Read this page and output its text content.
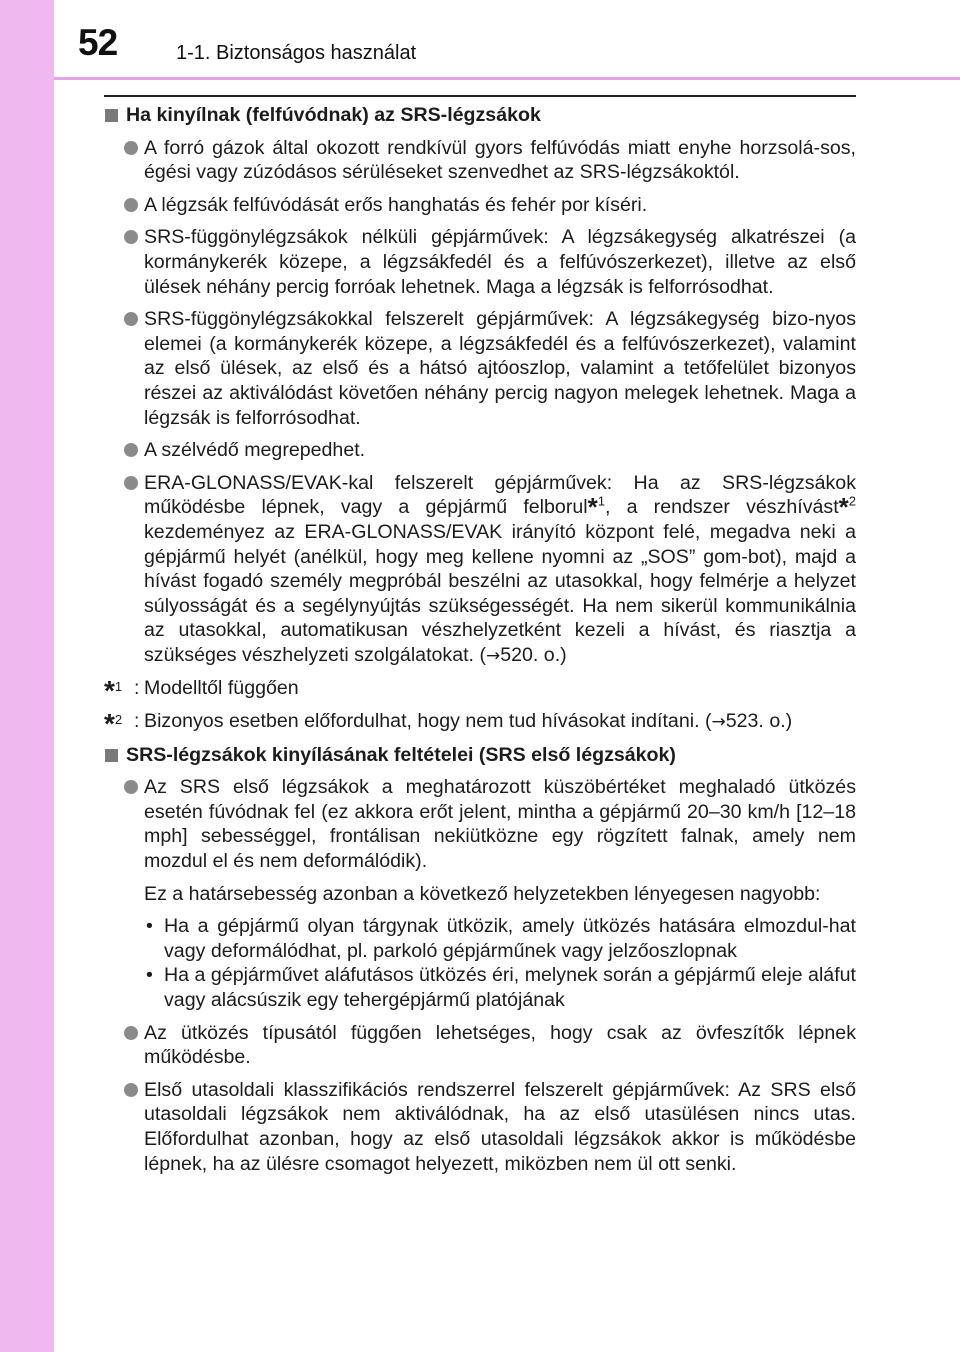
52	1-1. Biztonságos használat
Ha kinyílnak (felfúvódnak) az SRS-légzsákok
A forró gázok által okozott rendkívül gyors felfúvódás miatt enyhe horzsolá-sos, égési vagy zúzódásos sérüléseket szenvedhet az SRS-légzsákoktól.
A légzsák felfúvódását erős hanghatás és fehér por kíséri.
SRS-függönylégzsákok nélküli gépjárművek: A légzsákegység alkatrészei (a kormánykerék közepe, a légzsákfedél és a felfúvószerkezet), illetve az első ülések néhány percig forróak lehetnek. Maga a légzsák is felforrósodhat.
SRS-függönylégzsákokkal felszerelt gépjárművek: A légzsákegység bizo-nyos elemei (a kormánykerék közepe, a légzsákfedél és a felfúvószerkezet), valamint az első ülések, az első és a hátsó ajtóoszlop, valamint a tetőfelület bizonyos részei az aktiválódást követően néhány percig nagyon melegek lehetnek. Maga a légzsák is felforrósodhat.
A szélvédő megrepedhet.
ERA-GLONASS/EVAK-kal felszerelt gépjárművek: Ha az SRS-légzsákok működésbe lépnek, vagy a gépjármű felborul*$^1$, a rendszer vészhívást*$^2$ kezdeményez az ERA-GLONASS/EVAK irányító központ felé, megadva neki a gépjármű helyét (anélkül, hogy meg kellene nyomni az „SOS” gom-bot), majd a hívást fogadó személy megpróbál beszélni az utasokkal, hogy felmérje a helyzet súlyosságát és a segélynyújtás szükségességét. Ha nem sikerül kommunikálnia az utasokkal, automatikusan vészhelyzetként kezeli a hívást, és riasztja a szükséges vészhelyzeti szolgálatokat. (→520. o.)
*$^1$ : Modelltől függően
*$^2$ : Bizonyos esetben előfordulhat, hogy nem tud hívásokat indítani. (→523. o.)
SRS-légzsákok kinyílásának feltételei (SRS első légzsákok)
Az SRS első légzsákok a meghatározott küszöbértéket meghaladó ütközés esetén fúvódnak fel (ez akkora erőt jelent, mintha a gépjármű 20–30 km/h [12–18 mph] sebességgel, frontálisan nekiütközne egy rögzített falnak, amely nem mozdul el és nem deformálódik).
Ez a határsebesség azonban a következő helyzetekben lényegesen nagyobb:
• Ha a gépjármű olyan tárgynak ütközik, amely ütközés hatására elmozdul-hat vagy deformálódhat, pl. parkoló gépjárműnek vagy jelzőoszlopnak
• Ha a gépjárművet aláfutásos ütközés éri, melynek során a gépjármű eleje aláfut vagy alácsúszik egy tehergépjármű platójának
Az ütközés típusától függően lehetséges, hogy csak az övfeszítők lépnek működésbe.
Első utasoldali klasszifikációs rendszerrel felszerelt gépjárművek: Az SRS első utasoldali légzsákok nem aktiválódnak, ha az első utasülésen nincs utas. Előfordulhat azonban, hogy az első utasoldali légzsákok akkor is működésbe lépnek, ha az ülésre csomagot helyezett, miközben nem ül ott senki.
